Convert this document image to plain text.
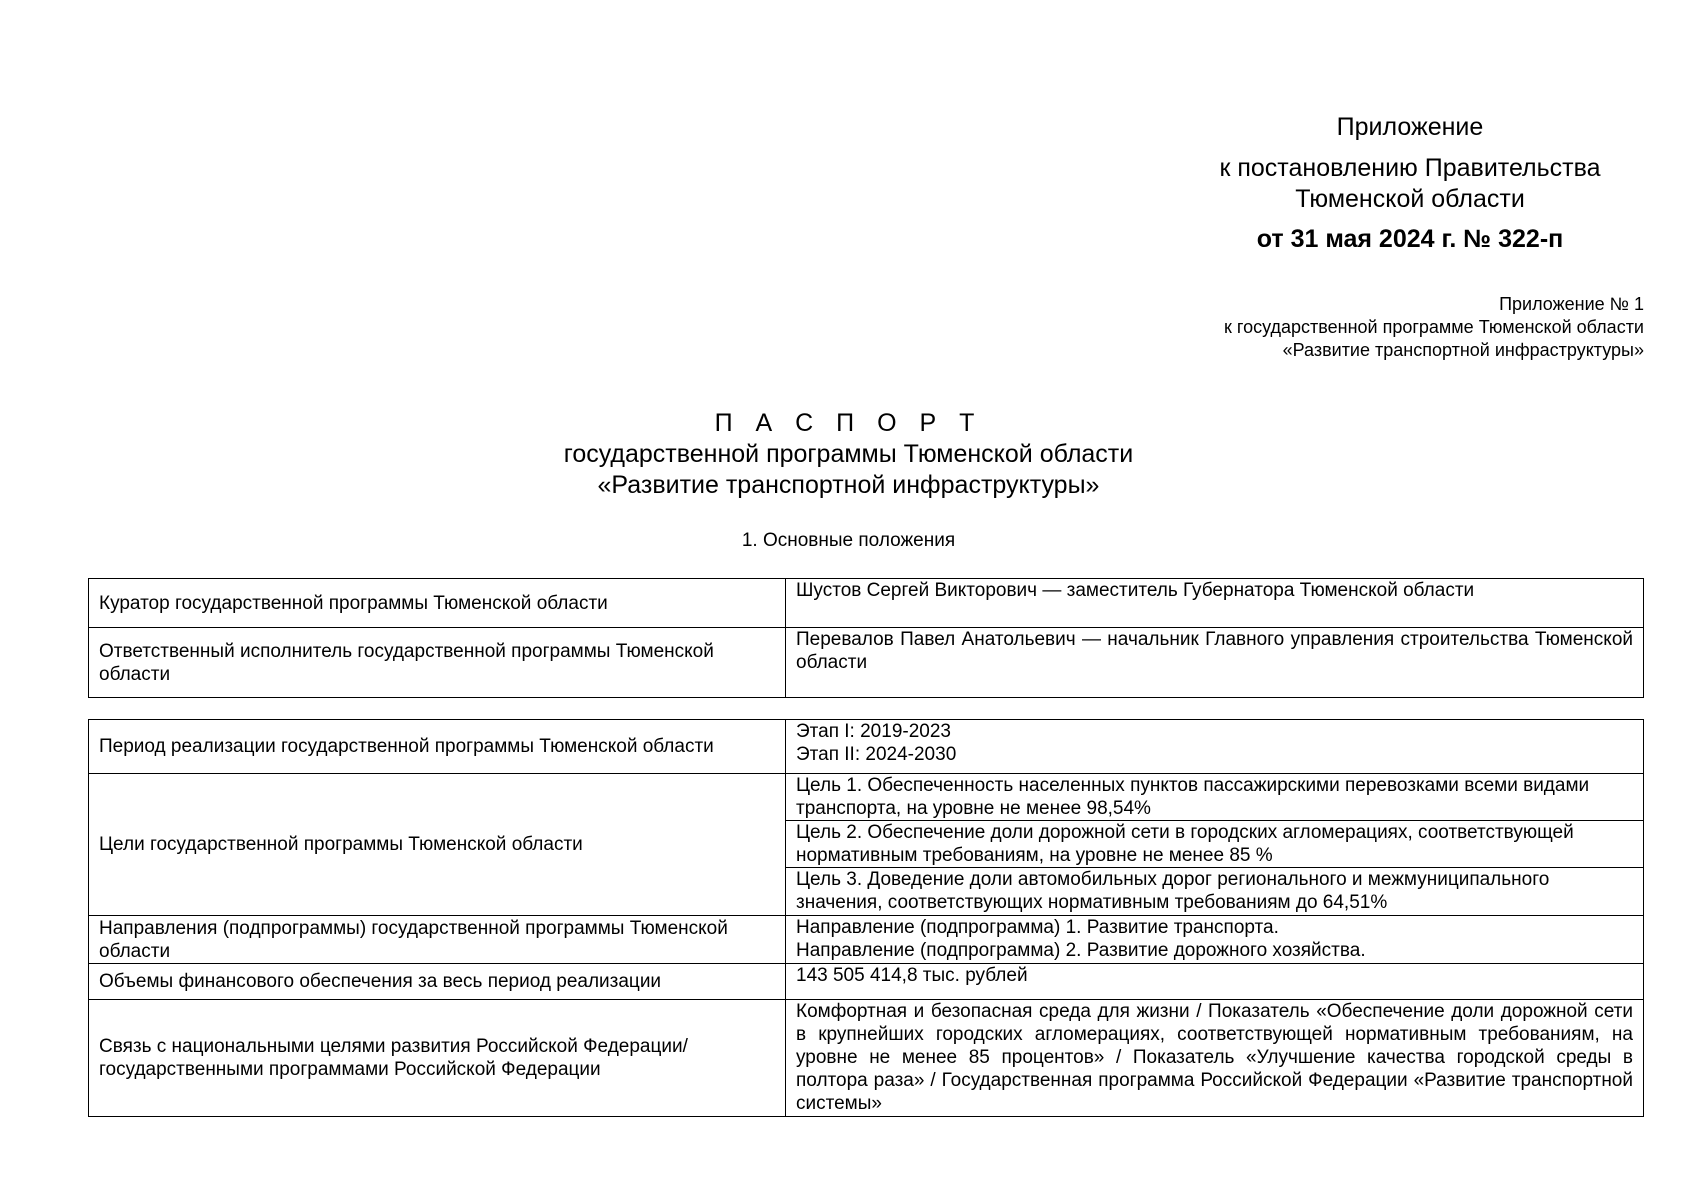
Приложение
к постановлению Правительства Тюменской области
от 31 мая 2024 г. № 322-п
Приложение № 1
к государственной программе Тюменской области
«Развитие транспортной инфраструктуры»
П А С П О Р Т
государственной программы Тюменской области
«Развитие транспортной инфраструктуры»
1. Основные положения
Куратор государственной программы Тюменской области	Шустов Сергей Викторович — заместитель Губернатора Тюменской области
Ответственный исполнитель государственной программы Тюменской области	Перевалов Павел Анатольевич — начальник Главного управления строительства Тюменской области
Период реализации государственной программы Тюменской области	Этап I: 2019-2023
Этап II: 2024-2030

Цели государственной программы Тюменской области	Цель 1. Обеспеченность населенных пунктов пассажирскими перевозками всеми видами транспорта, на уровне не менее 98,54%
	Цель 2. Обеспечение доли дорожной сети в городских агломерациях, соответствующей нормативным требованиям, на уровне не менее 85 %
	Цель 3. Доведение доли автомобильных дорог регионального и межмуниципального значения, соответствующих нормативным требованиям до 64,51%
Направления (подпрограммы) государственной программы Тюменской области	Направление (подпрограмма) 1. Развитие транспорта.
Направление (подпрограмма) 2. Развитие дорожного хозяйства.

Объемы финансового обеспечения за весь период реализации	143 505 414,8 тыс. рублей
Связь с национальными целями развития Российской Федерации/ государственными программами Российской Федерации	Комфортная и безопасная среда для жизни / Показатель «Обеспечение доли дорожной сети в крупнейших городских агломерациях, соответствующей нормативным требованиям, на уровне не менее 85 процентов» / Показатель «Улучшение качества городской среды в полтора раза» / Государственная программа Российской Федерации «Развитие транспортной системы»
